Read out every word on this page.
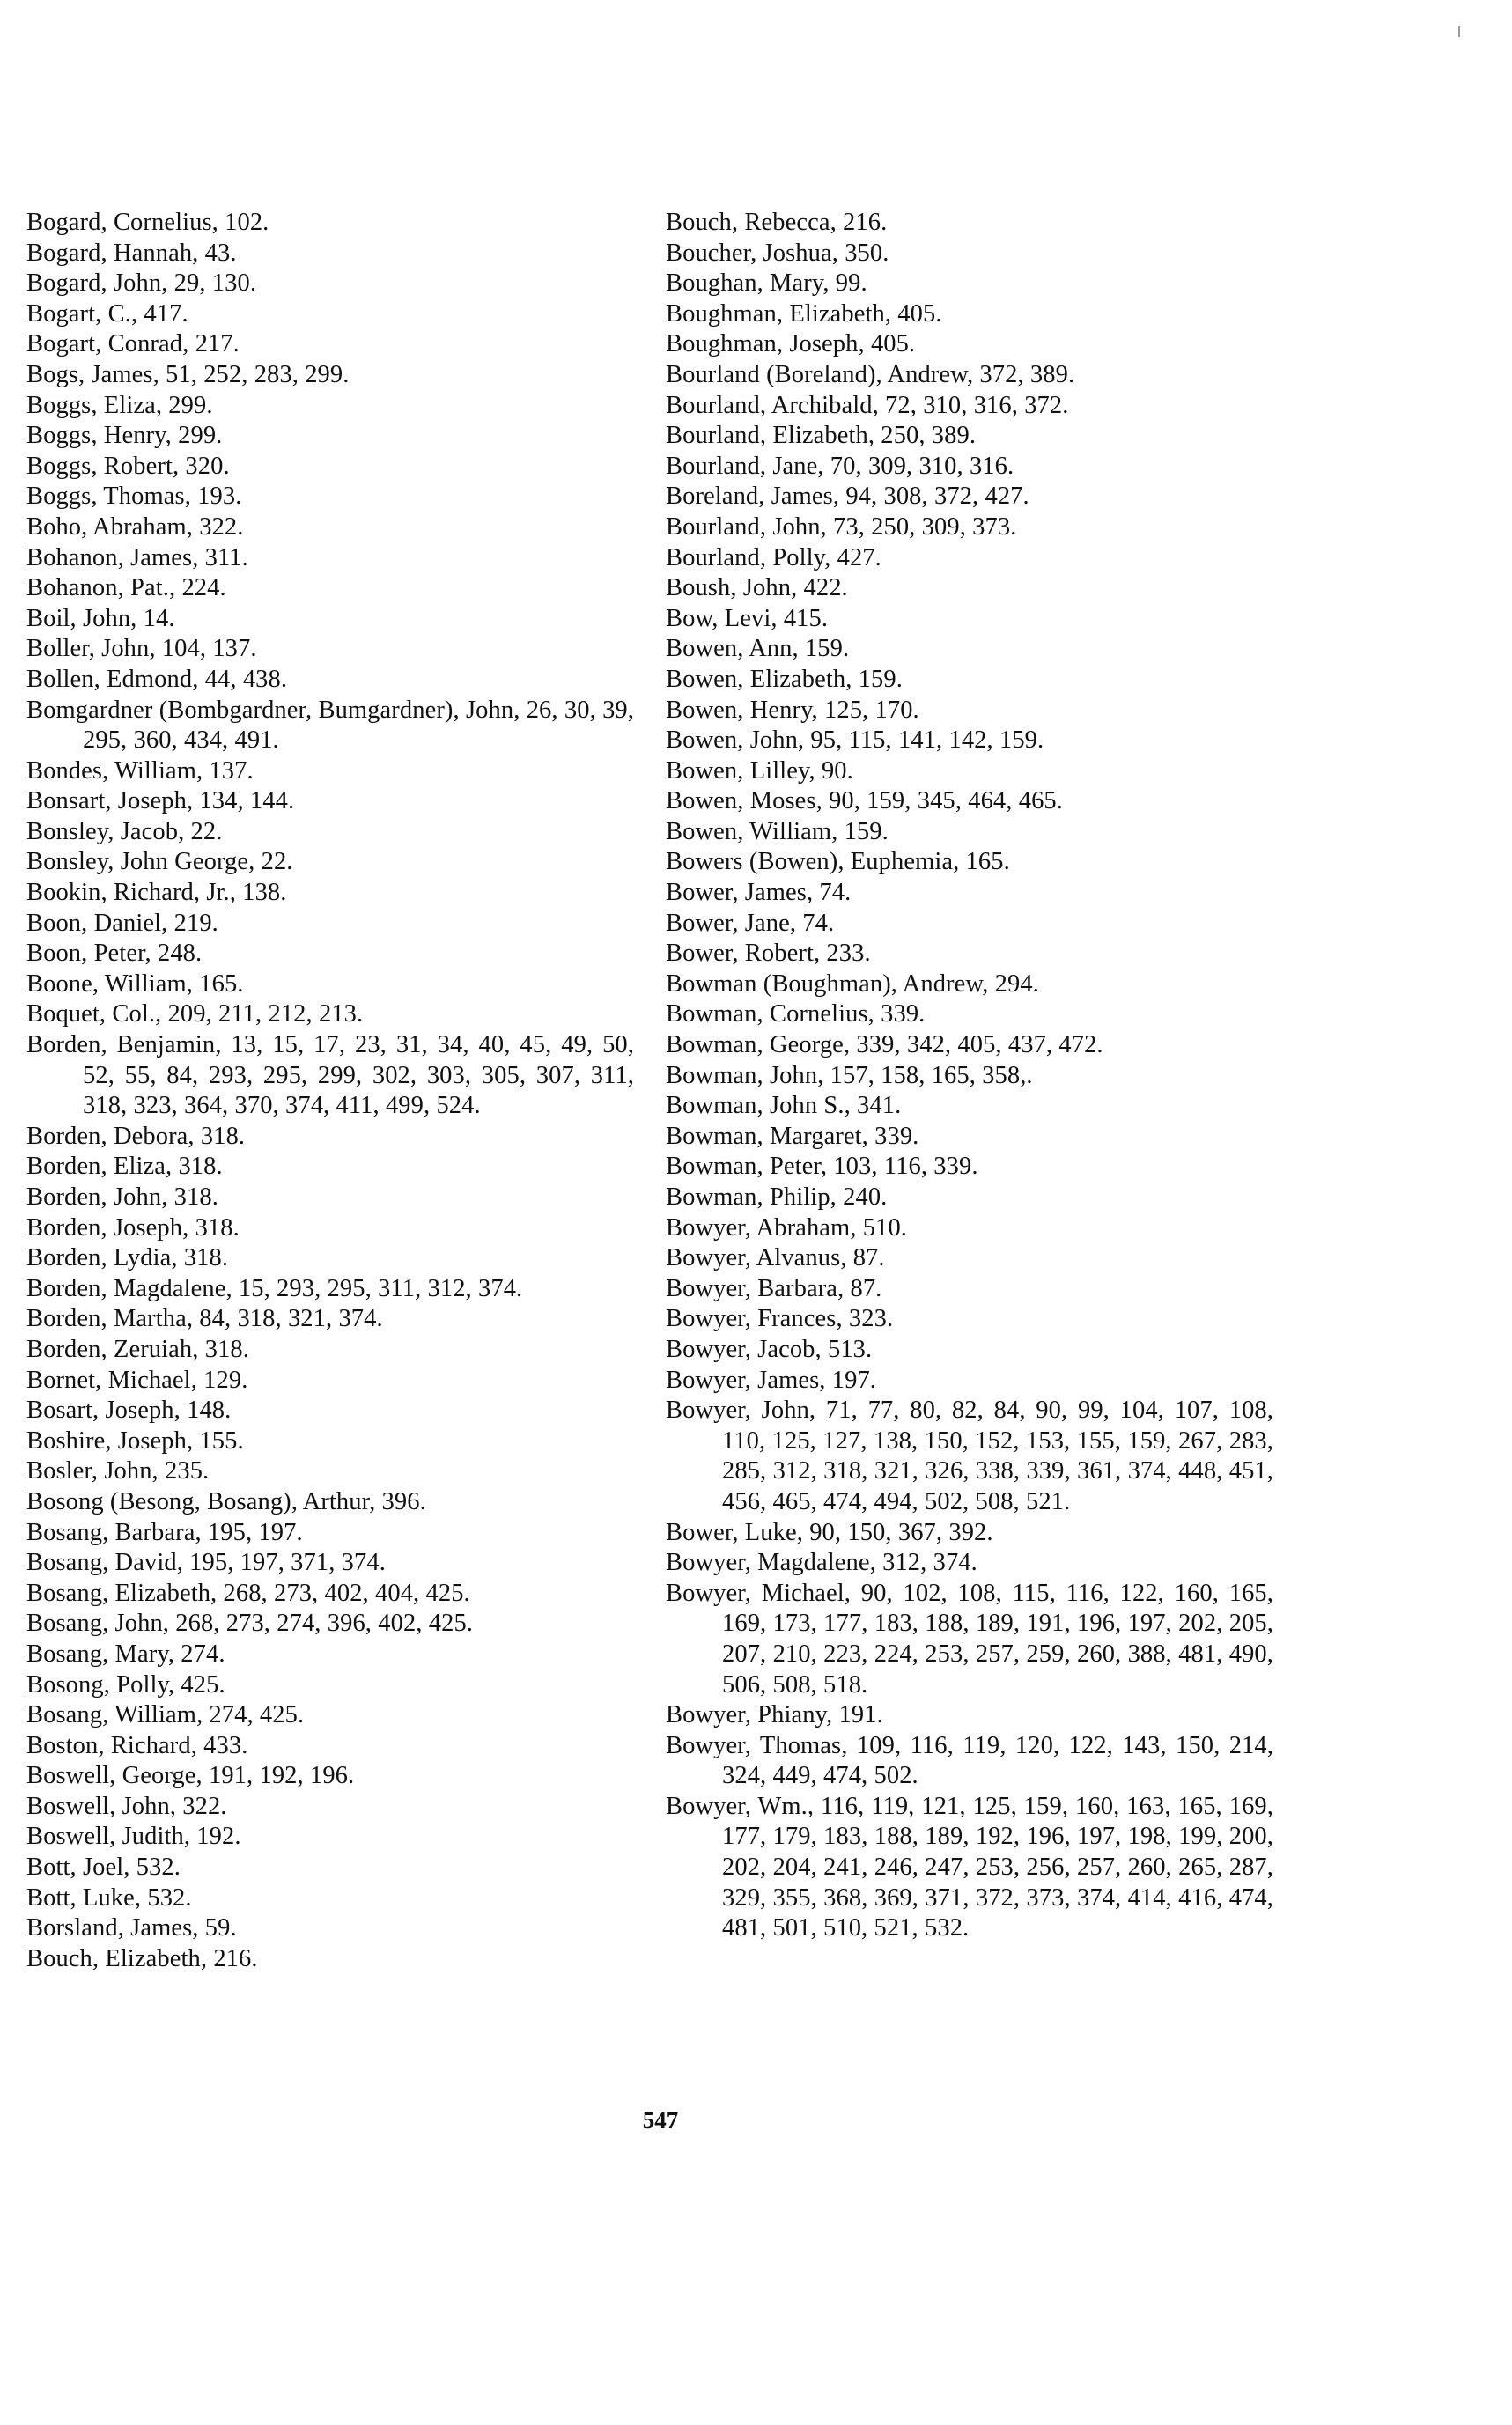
Bogard, Cornelius, 102.
Bogard, Hannah, 43.
Bogard, John, 29, 130.
Bogart, C., 417.
Bogart, Conrad, 217.
Bogs, James, 51, 252, 283, 299.
Boggs, Eliza, 299.
Boggs, Henry, 299.
Boggs, Robert, 320.
Boggs, Thomas, 193.
Boho, Abraham, 322.
Bohanon, James, 311.
Bohanon, Pat., 224.
Boil, John, 14.
Boller, John, 104, 137.
Bollen, Edmond, 44, 438.
Bomgardner (Bombgardner, Bumgardner), John, 26, 30, 39, 295, 360, 434, 491.
Bondes, William, 137.
Bonsart, Joseph, 134, 144.
Bonsley, Jacob, 22.
Bonsley, John George, 22.
Bookin, Richard, Jr., 138.
Boon, Daniel, 219.
Boon, Peter, 248.
Boone, William, 165.
Boquet, Col., 209, 211, 212, 213.
Borden, Benjamin, 13, 15, 17, 23, 31, 34, 40, 45, 49, 50, 52, 55, 84, 293, 295, 299, 302, 303, 305, 307, 311, 318, 323, 364, 370, 374, 411, 499, 524.
Borden, Debora, 318.
Borden, Eliza, 318.
Borden, John, 318.
Borden, Joseph, 318.
Borden, Lydia, 318.
Borden, Magdalene, 15, 293, 295, 311, 312, 374.
Borden, Martha, 84, 318, 321, 374.
Borden, Zeruiah, 318.
Bornet, Michael, 129.
Bosart, Joseph, 148.
Boshire, Joseph, 155.
Bosler, John, 235.
Bosong (Besong, Bosang), Arthur, 396.
Bosang, Barbara, 195, 197.
Bosang, David, 195, 197, 371, 374.
Bosang, Elizabeth, 268, 273, 402, 404, 425.
Bosang, John, 268, 273, 274, 396, 402, 425.
Bosang, Mary, 274.
Bosong, Polly, 425.
Bosang, William, 274, 425.
Boston, Richard, 433.
Boswell, George, 191, 192, 196.
Boswell, John, 322.
Boswell, Judith, 192.
Bott, Joel, 532.
Bott, Luke, 532.
Borsland, James, 59.
Bouch, Elizabeth, 216.
Bouch, Rebecca, 216.
Boucher, Joshua, 350.
Boughan, Mary, 99.
Boughman, Elizabeth, 405.
Boughman, Joseph, 405.
Bourland (Boreland), Andrew, 372, 389.
Bourland, Archibald, 72, 310, 316, 372.
Bourland, Elizabeth, 250, 389.
Bourland, Jane, 70, 309, 310, 316.
Boreland, James, 94, 308, 372, 427.
Bourland, John, 73, 250, 309, 373.
Bourland, Polly, 427.
Boush, John, 422.
Bow, Levi, 415.
Bowen, Ann, 159.
Bowen, Elizabeth, 159.
Bowen, Henry, 125, 170.
Bowen, John, 95, 115, 141, 142, 159.
Bowen, Lilley, 90.
Bowen, Moses, 90, 159, 345, 464, 465.
Bowen, William, 159.
Bowers (Bowen), Euphemia, 165.
Bower, James, 74.
Bower, Jane, 74.
Bower, Robert, 233.
Bowman (Boughman), Andrew, 294.
Bowman, Cornelius, 339.
Bowman, George, 339, 342, 405, 437, 472.
Bowman, John, 157, 158, 165, 358,.
Bowman, John S., 341.
Bowman, Margaret, 339.
Bowman, Peter, 103, 116, 339.
Bowman, Philip, 240.
Bowyer, Abraham, 510.
Bowyer, Alvanus, 87.
Bowyer, Barbara, 87.
Bowyer, Frances, 323.
Bowyer, Jacob, 513.
Bowyer, James, 197.
Bowyer, John, 71, 77, 80, 82, 84, 90, 99, 104, 107, 108, 110, 125, 127, 138, 150, 152, 153, 155, 159, 267, 283, 285, 312, 318, 321, 326, 338, 339, 361, 374, 448, 451, 456, 465, 474, 494, 502, 508, 521.
Bower, Luke, 90, 150, 367, 392.
Bowyer, Magdalene, 312, 374.
Bowyer, Michael, 90, 102, 108, 115, 116, 122, 160, 165, 169, 173, 177, 183, 188, 189, 191, 196, 197, 202, 205, 207, 210, 223, 224, 253, 257, 259, 260, 388, 481, 490, 506, 508, 518.
Bowyer, Phiany, 191.
Bowyer, Thomas, 109, 116, 119, 120, 122, 143, 150, 214, 324, 449, 474, 502.
Bowyer, Wm., 116, 119, 121, 125, 159, 160, 163, 165, 169, 177, 179, 183, 188, 189, 192, 196, 197, 198, 199, 200, 202, 204, 241, 246, 247, 253, 256, 257, 260, 265, 287, 329, 355, 368, 369, 371, 372, 373, 374, 414, 416, 474, 481, 501, 510, 521, 532.
547
